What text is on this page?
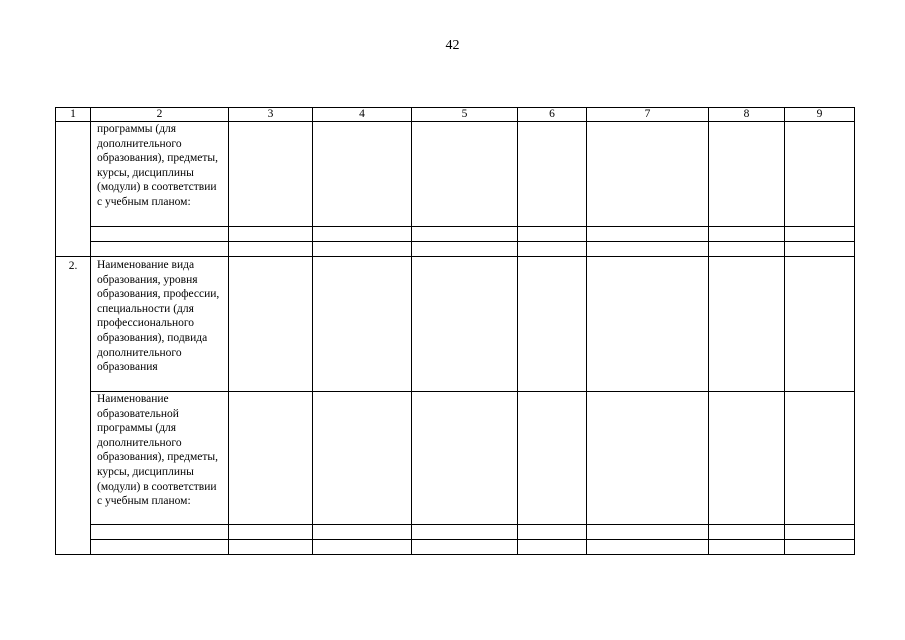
42
1	2	3	4	5	6	7	8	9
	программы (для дополнительного образования), предметы, курсы, дисциплины (модули) в соответствии с учебным планом:							

2.	Наименование вида образования, уровня образования, профессии, специальности (для профессионального образования), подвида дополнительного образования							
	Наименование образовательной программы (для дополнительного образования), предметы, курсы, дисциплины (модули) в соответствии с учебным планом:							
